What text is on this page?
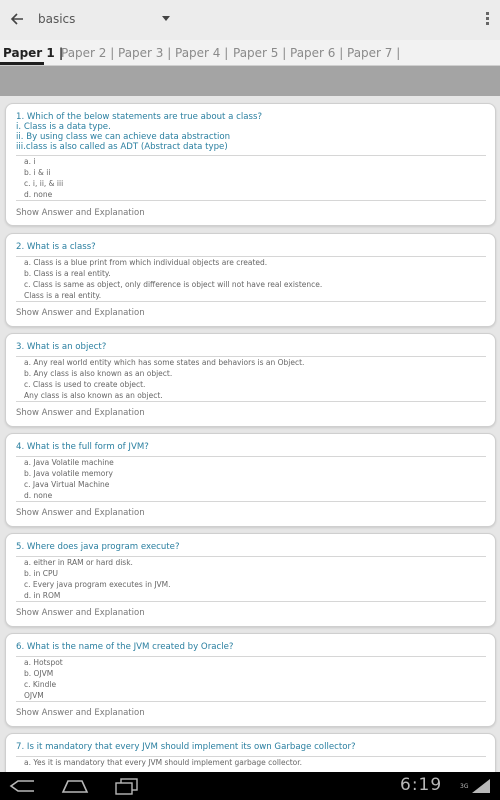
basics
Paper 1 |
Paper 2 | Paper 3 | Paper 4 | Paper 5 | Paper 6 | Paper 7 |
1. Which of the below statements are true about a class?
i. Class is a data type.
ii. By using class we can achieve data abstraction
iii.class is also called as ADT (Abstract data type)
a. i
b. i & ii
c. i, ii, & iii
d. none
Show Answer and Explanation
2. What is a class?
a. Class is a blue print from which individual objects are created.
b. Class is a real entity.
c. Class is same as object, only difference is object will not have real existence.
Class is a real entity.
Show Answer and Explanation
3. What is an object?
a. Any real world entity which has some states and behaviors is an Object.
b. Any class is also known as an object.
c. Class is used to create object.
Any class is also known as an object.
Show Answer and Explanation
4. What is the full form of JVM?
a. Java Volatile machine
b. Java volatile memory
c. Java Virtual Machine
d. none
Show Answer and Explanation
5. Where does java program execute?
a. either in RAM or hard disk.
b. in CPU
c. Every java program executes in JVM.
d. in ROM
Show Answer and Explanation
6. What is the name of the JVM created by Oracle?
a. Hotspot
b. OJVM
c. Kindle
OJVM
Show Answer and Explanation
7. Is it mandatory that every JVM should implement its own Garbage collector?
a. Yes it is mandatory that every JVM should implement garbage collector.
6:19	3G
